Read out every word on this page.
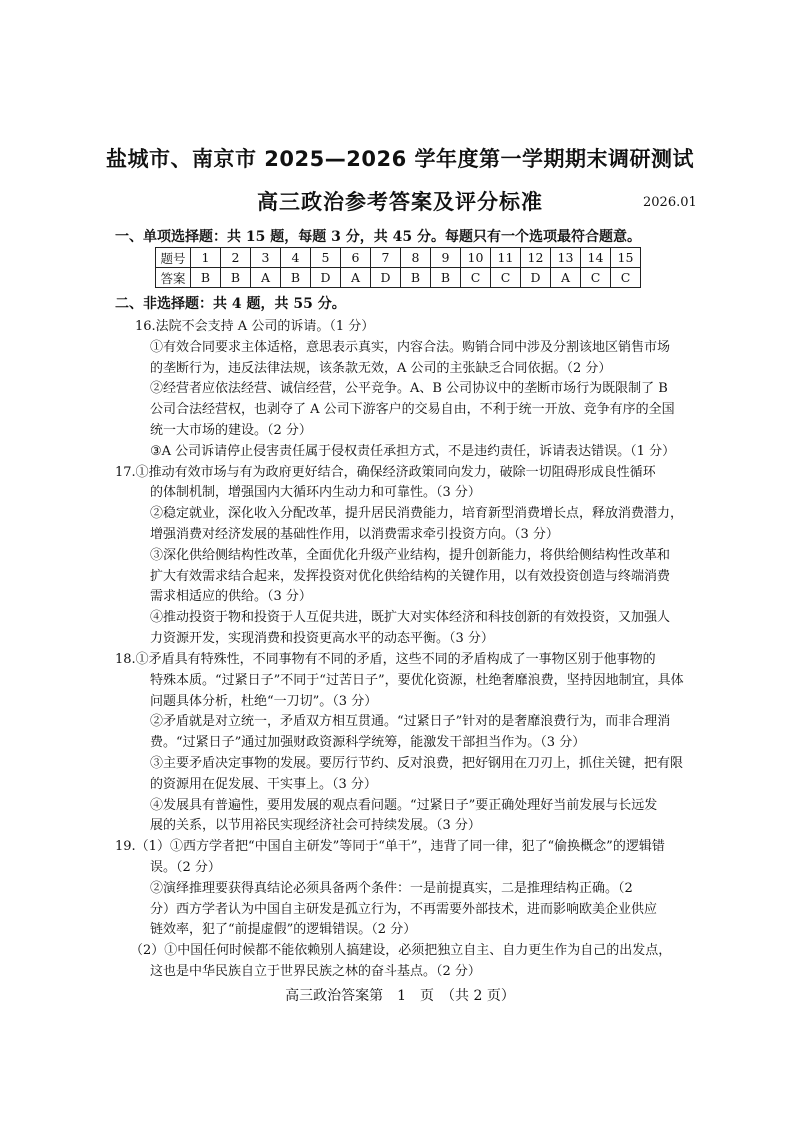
盐城市、南京市 2025—2026 学年度第一学期期末调研测试
高三政治参考答案及评分标准	2026.01
一、单项选择题：共 15 题，每题 3 分，共 45 分。每题只有一个选项最符合题意。
题号	1	2	3	4	5	6	7	8	9	10	11	12	13	14	15
答案	B	B	A	B	D	A	D	B	B	C	C	D	A	C	C
二、非选择题：共 4 题，共 55 分。
16.法院不会支持 A 公司的诉请。（1 分）
①有效合同要求主体适格，意思表示真实，内容合法。购销合同中涉及分割该地区销售市场
的垄断行为，违反法律法规，该条款无效，A 公司的主张缺乏合同依据。（2 分）
②经营者应依法经营、诚信经营，公平竞争。A、B 公司协议中的垄断市场行为既限制了 B
公司合法经营权，也剥夺了 A 公司下游客户的交易自由，不利于统一开放、竞争有序的全国
统一大市场的建设。（2 分）
③A 公司诉请停止侵害责任属于侵权责任承担方式，不是违约责任，诉请表达错误。（1 分）
17.①推动有效市场与有为政府更好结合，确保经济政策同向发力，破除一切阻碍形成良性循环
的体制机制，增强国内大循环内生动力和可靠性。（3 分）
②稳定就业，深化收入分配改革，提升居民消费能力，培育新型消费增长点，释放消费潜力，
增强消费对经济发展的基础性作用，以消费需求牵引投资方向。（3 分）
③深化供给侧结构性改革，全面优化升级产业结构，提升创新能力，将供给侧结构性改革和
扩大有效需求结合起来，发挥投资对优化供给结构的关键作用，以有效投资创造与终端消费
需求相适应的供给。（3 分）
④推动投资于物和投资于人互促共进，既扩大对实体经济和科技创新的有效投资，又加强人
力资源开发，实现消费和投资更高水平的动态平衡。（3 分）
18.①矛盾具有特殊性，不同事物有不同的矛盾，这些不同的矛盾构成了一事物区别于他事物的
特殊本质。“过紧日子”不同于“过苦日子”，要优化资源，杜绝奢靡浪费，坚持因地制宜，具体
问题具体分析，杜绝“一刀切”。（3 分）
②矛盾就是对立统一，矛盾双方相互贯通。“过紧日子”针对的是奢靡浪费行为，而非合理消
费。“过紧日子”通过加强财政资源科学统筹，能激发干部担当作为。（3 分）
③主要矛盾决定事物的发展。要厉行节约、反对浪费，把好钢用在刀刃上，抓住关键，把有限
的资源用在促发展、干实事上。（3 分）
④发展具有普遍性，要用发展的观点看问题。“过紧日子”要正确处理好当前发展与长远发
展的关系，以节用裕民实现经济社会可持续发展。（3 分）
19.（1）①西方学者把“中国自主研发”等同于“单干”，违背了同一律，犯了“偷换概念”的逻辑错
误。（2 分）
②演绎推理要获得真结论必须具备两个条件：一是前提真实，二是推理结构正确。（2
分）西方学者认为中国自主研发是孤立行为，不再需要外部技术，进而影响欧美企业供应
链效率，犯了“前提虚假”的逻辑错误。（2 分）
（2）①中国任何时候都不能依赖别人搞建设，必须把独立自主、自力更生作为自己的出发点，
这也是中华民族自立于世界民族之林的奋斗基点。（2 分）
高三政治答案第　1　页　（共 2 页）
